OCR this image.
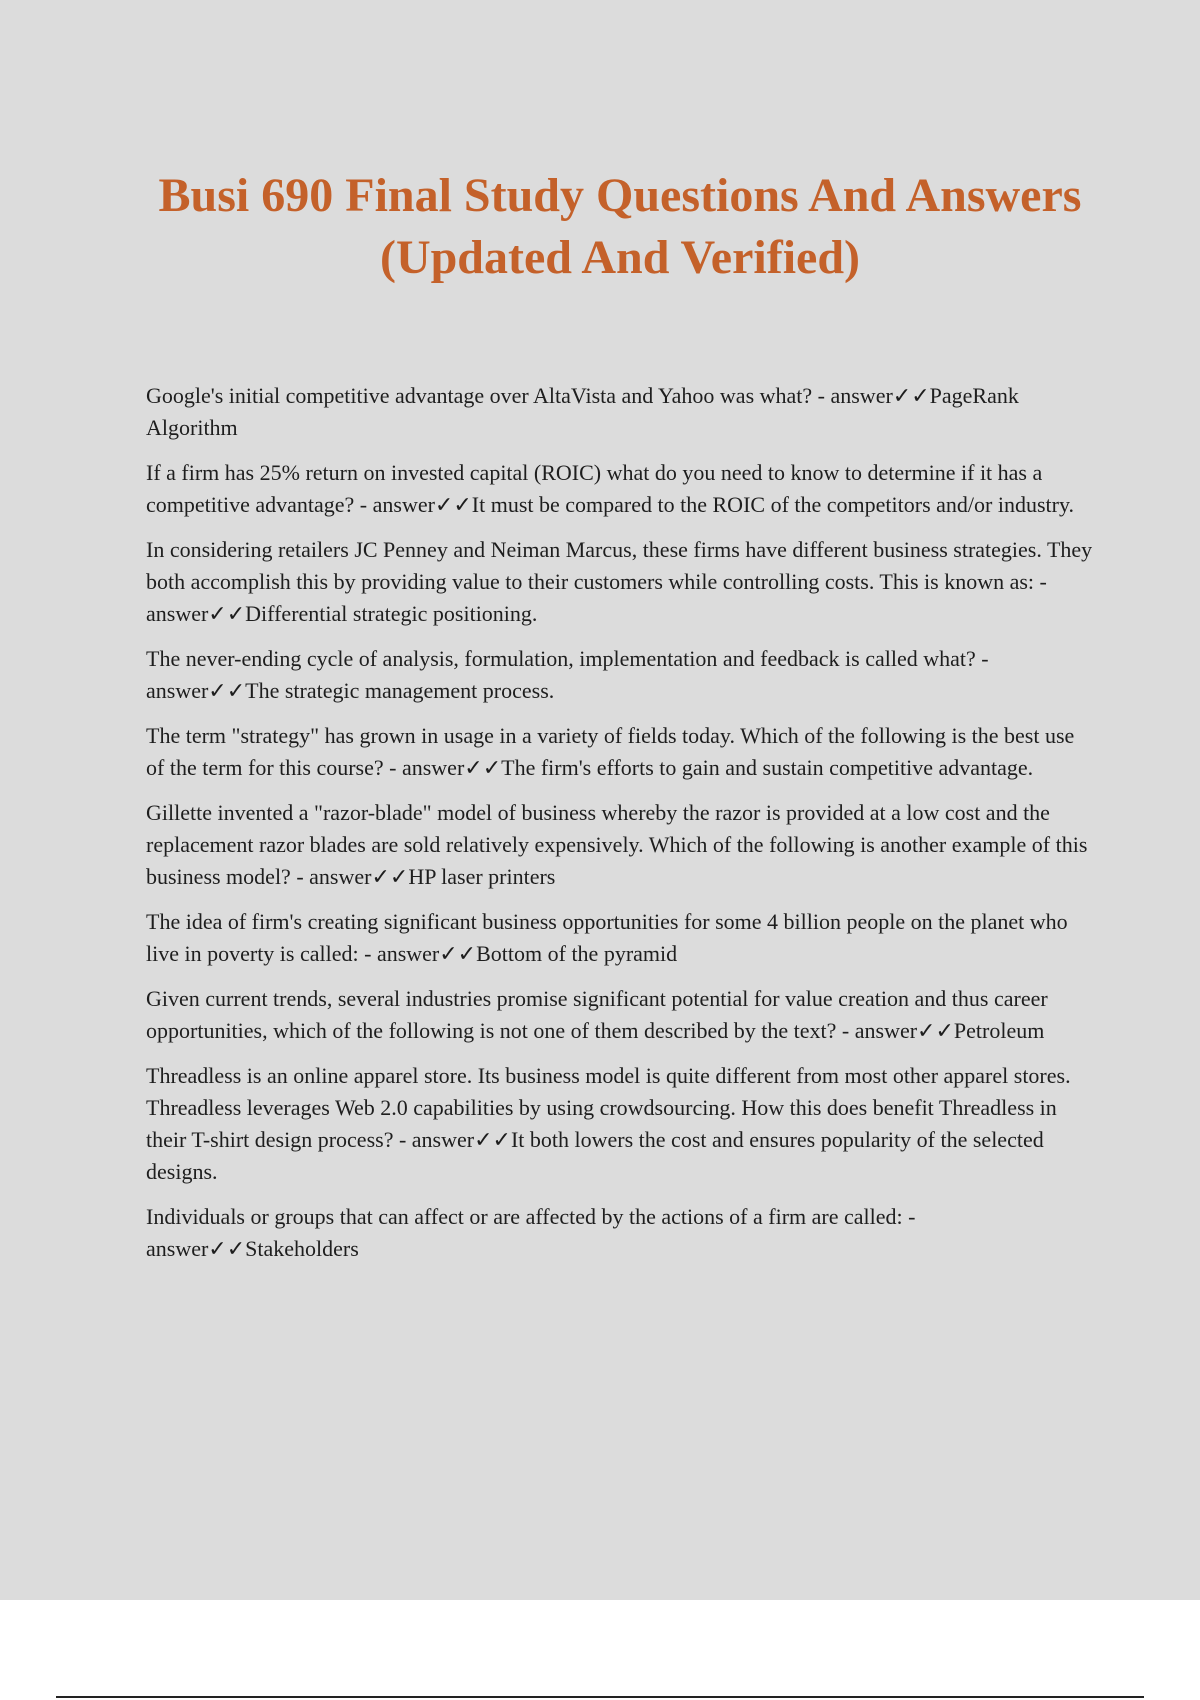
Busi 690 Final Study Questions And Answers
(Updated And Verified)

Google's initial competitive advantage over AltaVista and Yahoo was what? - answer✓✓PageRank Algorithm

If a firm has 25% return on invested capital (ROIC) what do you need to know to determine if it has a competitive advantage? - answer✓✓It must be compared to the ROIC of the competitors and/or industry.

In considering retailers JC Penney and Neiman Marcus, these firms have different business strategies. They both accomplish this by providing value to their customers while controlling costs. This is known as: - answer✓✓Differential strategic positioning.

The never-ending cycle of analysis, formulation, implementation and feedback is called what? - answer✓✓The strategic management process.

The term "strategy" has grown in usage in a variety of fields today. Which of the following is the best use of the term for this course? - answer✓✓The firm's efforts to gain and sustain competitive advantage.

Gillette invented a "razor-blade" model of business whereby the razor is provided at a low cost and the replacement razor blades are sold relatively expensively. Which of the following is another example of this business model? - answer✓✓HP laser printers

The idea of firm's creating significant business opportunities for some 4 billion people on the planet who live in poverty is called: - answer✓✓Bottom of the pyramid

Given current trends, several industries promise significant potential for value creation and thus career opportunities, which of the following is not one of them described by the text? - answer✓✓Petroleum

Threadless is an online apparel store. Its business model is quite different from most other apparel stores. Threadless leverages Web 2.0 capabilities by using crowdsourcing. How this does benefit Threadless in their T-shirt design process? - answer✓✓It both lowers the cost and ensures popularity of the selected designs.

Individuals or groups that can affect or are affected by the actions of a firm are called: - answer✓✓Stakeholders
